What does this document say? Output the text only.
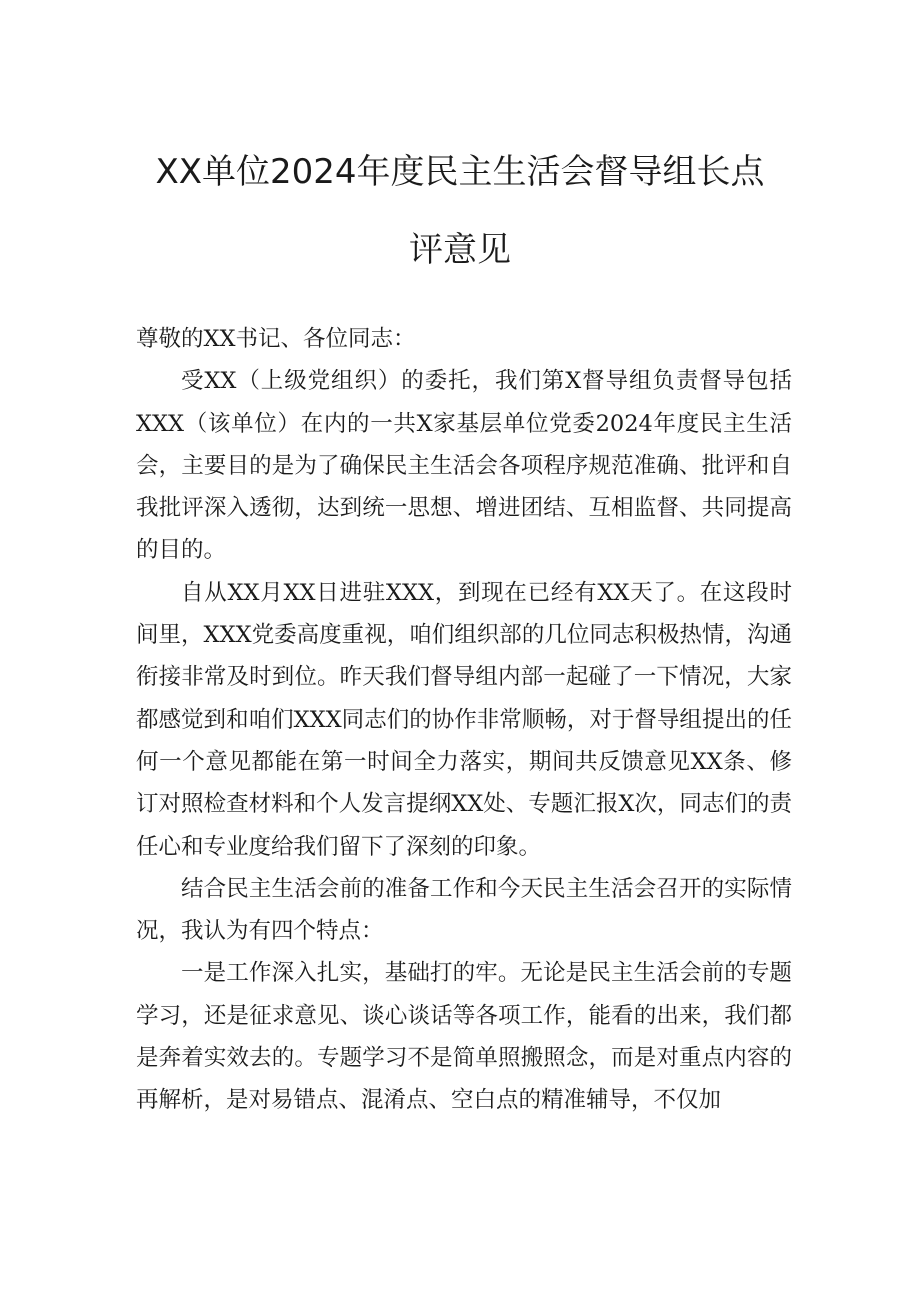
XX单位2024年度民主生活会督导组长点
评意见

尊敬的XX书记、各位同志：

受XX（上级党组织）的委托，我们第X督导组负责督导包括XXX（该单位）在内的一共X家基层单位党委2024年度民主生活会，主要目的是为了确保民主生活会各项程序规范准确、批评和自我批评深入透彻，达到统一思想、增进团结、互相监督、共同提高的目的。

自从XX月XX日进驻XXX，到现在已经有XX天了。在这段时间里，XXX党委高度重视，咱们组织部的几位同志积极热情，沟通衔接非常及时到位。昨天我们督导组内部一起碰了一下情况，大家都感觉到和咱们XXX同志们的协作非常顺畅，对于督导组提出的任何一个意见都能在第一时间全力落实，期间共反馈意见XX条、修订对照检查材料和个人发言提纲XX处、专题汇报X次，同志们的责任心和专业度给我们留下了深刻的印象。

结合民主生活会前的准备工作和今天民主生活会召开的实际情况，我认为有四个特点：

一是工作深入扎实，基础打的牢。无论是民主生活会前的专题学习，还是征求意见、谈心谈话等各项工作，能看的出来，我们都是奔着实效去的。专题学习不是简单照搬照念，而是对重点内容的再解析，是对易错点、混淆点、空白点的精准辅导，不仅加
